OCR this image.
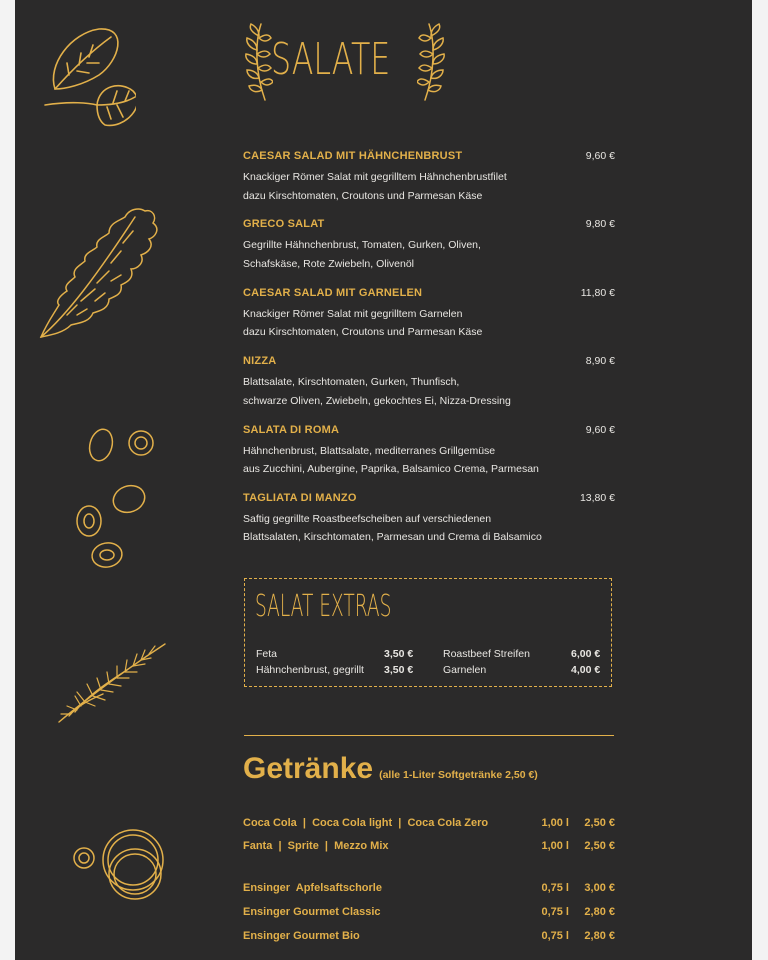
SALATE
CAESAR SALAD MIT HÄHNCHENBRUST	9,60 €
Knackiger Römer Salat mit gegrilltem Hähnchenbrustfilet
dazu Kirschtomaten, Croutons und Parmesan Käse
GRECO SALAT	9,80 €
Gegrillte Hähnchenbrust, Tomaten, Gurken, Oliven,
Schafskäse, Rote Zwiebeln, Olivenöl
CAESAR SALAD MIT GARNELEN	11,80 €
Knackiger Römer Salat mit gegrilltem Garnelen
dazu Kirschtomaten, Croutons und Parmesan Käse
NIZZA	8,90 €
Blattsalate, Kirschtomaten, Gurken, Thunfisch,
schwarze Oliven, Zwiebeln, gekochtes Ei, Nizza-Dressing
SALATA DI ROMA	9,60 €
Hähnchenbrust, Blattsalate, mediterranes Grillgemüse
aus Zucchini, Aubergine, Paprika, Balsamico Crema, Parmesan
TAGLIATA DI MANZO	13,80 €
Saftig gegrillte Roastbeefscheiben auf verschiedenen
Blattsalaten, Kirschtomaten, Parmesan und Crema di Balsamico
SALAT EXTRAS
Feta	3,50 €
Hähnchenbrust, gegrillt 3,50 €
Roastbeef Streifen	6,00 €
Garnelen	4,00 €
Getränke (alle 1-Liter Softgetränke 2,50 €)
Coca Cola  |  Coca Cola light  |  Coca Cola Zero	1,00 l 2,50 €
Fanta  |  Sprite  |  Mezzo Mix	1,00 l 2,50 €
Ensinger  Apfelsaftschorle	0,75 l 3,00 €
Ensinger Gourmet Classic	0,75 l 2,80 €
Ensinger Gourmet Bio	0,75 l 2,80 €
